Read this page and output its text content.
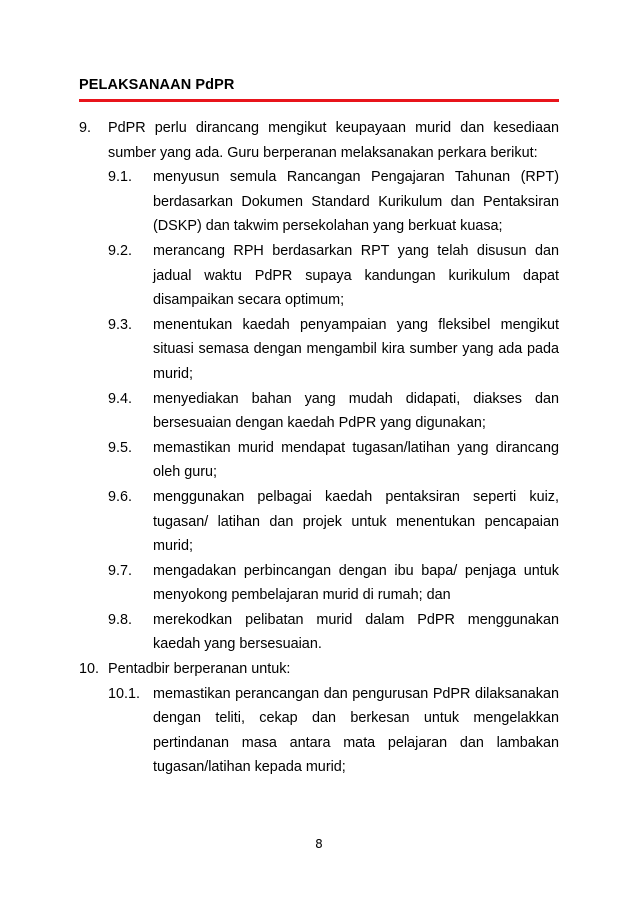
PELAKSANAAN PdPR
9.	PdPR perlu dirancang mengikut keupayaan murid dan kesediaan sumber yang ada. Guru berperanan melaksanakan perkara berikut:
9.1.	menyusun semula Rancangan Pengajaran Tahunan (RPT) berdasarkan Dokumen Standard Kurikulum dan Pentaksiran (DSKP) dan takwim persekolahan yang berkuat kuasa;
9.2.	merancang RPH berdasarkan RPT yang telah disusun dan jadual waktu PdPR supaya kandungan kurikulum dapat disampaikan secara optimum;
9.3.	menentukan kaedah penyampaian yang fleksibel mengikut situasi semasa dengan mengambil kira sumber yang ada pada murid;
9.4.	menyediakan bahan yang mudah didapati, diakses dan bersesuaian dengan kaedah PdPR yang digunakan;
9.5.	memastikan murid mendapat tugasan/latihan yang dirancang oleh guru;
9.6.	menggunakan pelbagai kaedah pentaksiran seperti kuiz, tugasan/ latihan dan projek untuk menentukan pencapaian murid;
9.7.	mengadakan perbincangan dengan ibu bapa/ penjaga untuk menyokong pembelajaran murid di rumah; dan
9.8.	merekodkan pelibatan murid dalam PdPR menggunakan kaedah yang bersesuaian.
10. Pentadbir berperanan untuk:
10.1. memastikan perancangan dan pengurusan PdPR dilaksanakan dengan teliti, cekap dan berkesan untuk mengelakkan pertindanan masa antara mata pelajaran dan lambakan tugasan/latihan kepada murid;
8
